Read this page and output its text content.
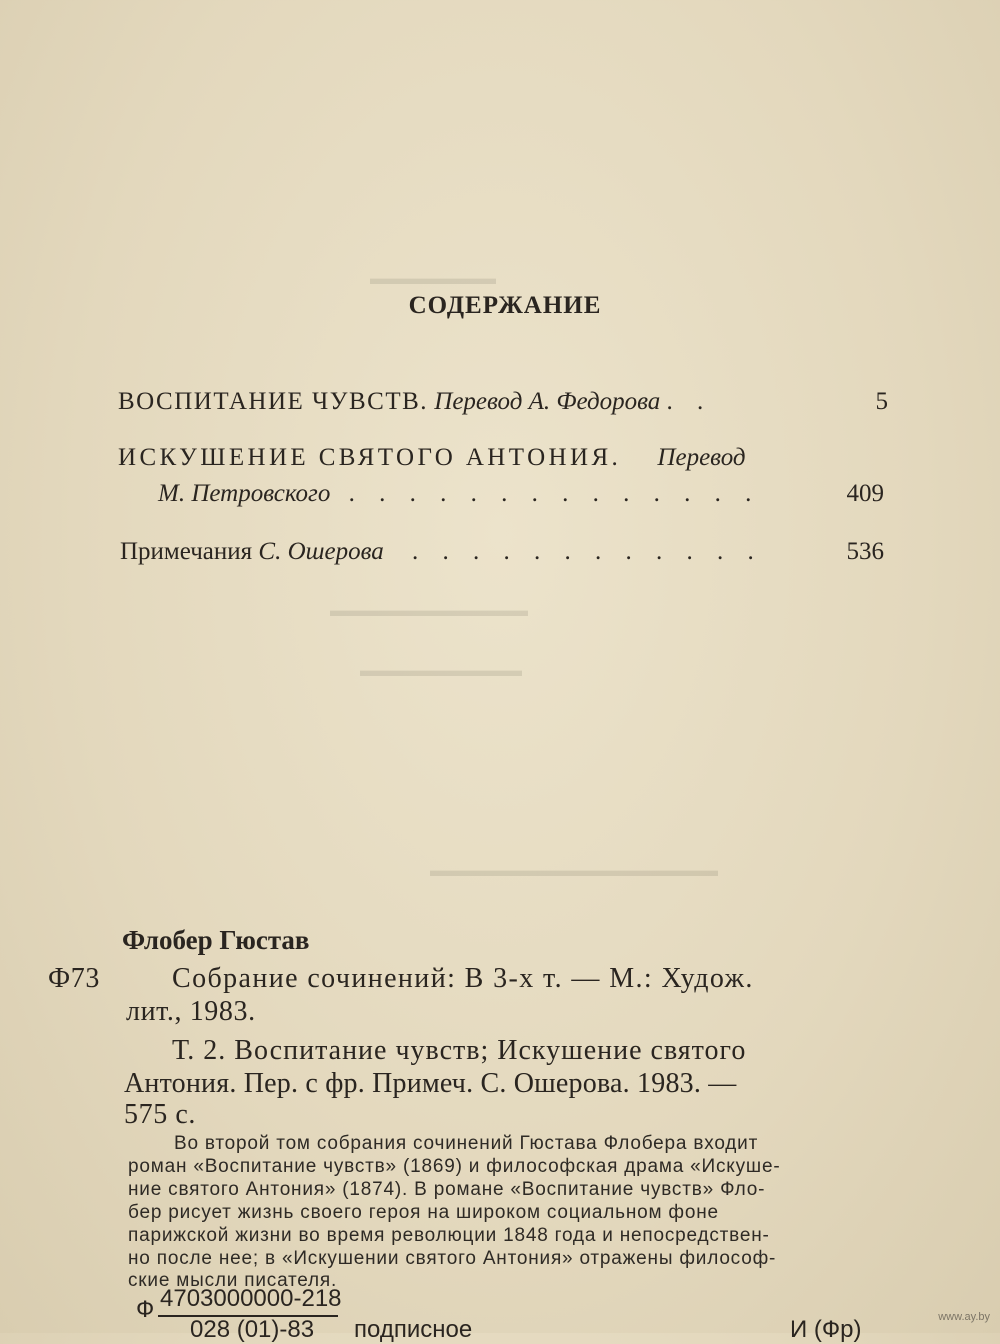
▬▬▬▬▬▬▬
▬▬▬▬▬▬▬▬▬▬▬
▬▬▬▬▬▬▬▬▬
▬▬▬▬▬▬▬▬▬▬▬▬▬▬▬▬
СОДЕРЖАНИЕ
ВОСПИТАНИЕ ЧУВСТВ. Перевод А. Федорова . .	5
ИСКУШЕНИЕ СВЯТОГО АНТОНИЯ. Перевод
М. Петровского . . . . . . . . . . . . . .	409
Примечания С. Ошерова . . . . . . . . . . . .	536
Флобер Гюстав
Ф73	Собрание сочинений: В 3-х т. — М.: Худож.
лит., 1983.
Т. 2. Воспитание чувств; Искушение святого
Антония. Пер. с фр. Примеч. С. Ошерова. 1983. —
575 с.
Во второй том собрания сочинений Гюстава Флобера входит
роман «Воспитание чувств» (1869) и философская драма «Искуше-
ние святого Антония» (1874). В романе «Воспитание чувств» Фло-
бер рисует жизнь своего героя на широком социальном фоне
парижской жизни во время революции 1848 года и непосредствен-
но после нее; в «Искушении святого Антония» отражены философ-
ские мысли писателя.
Ф 4703000000-218
028 (01)-83 подписное	И (Фр)	www.ay.by
